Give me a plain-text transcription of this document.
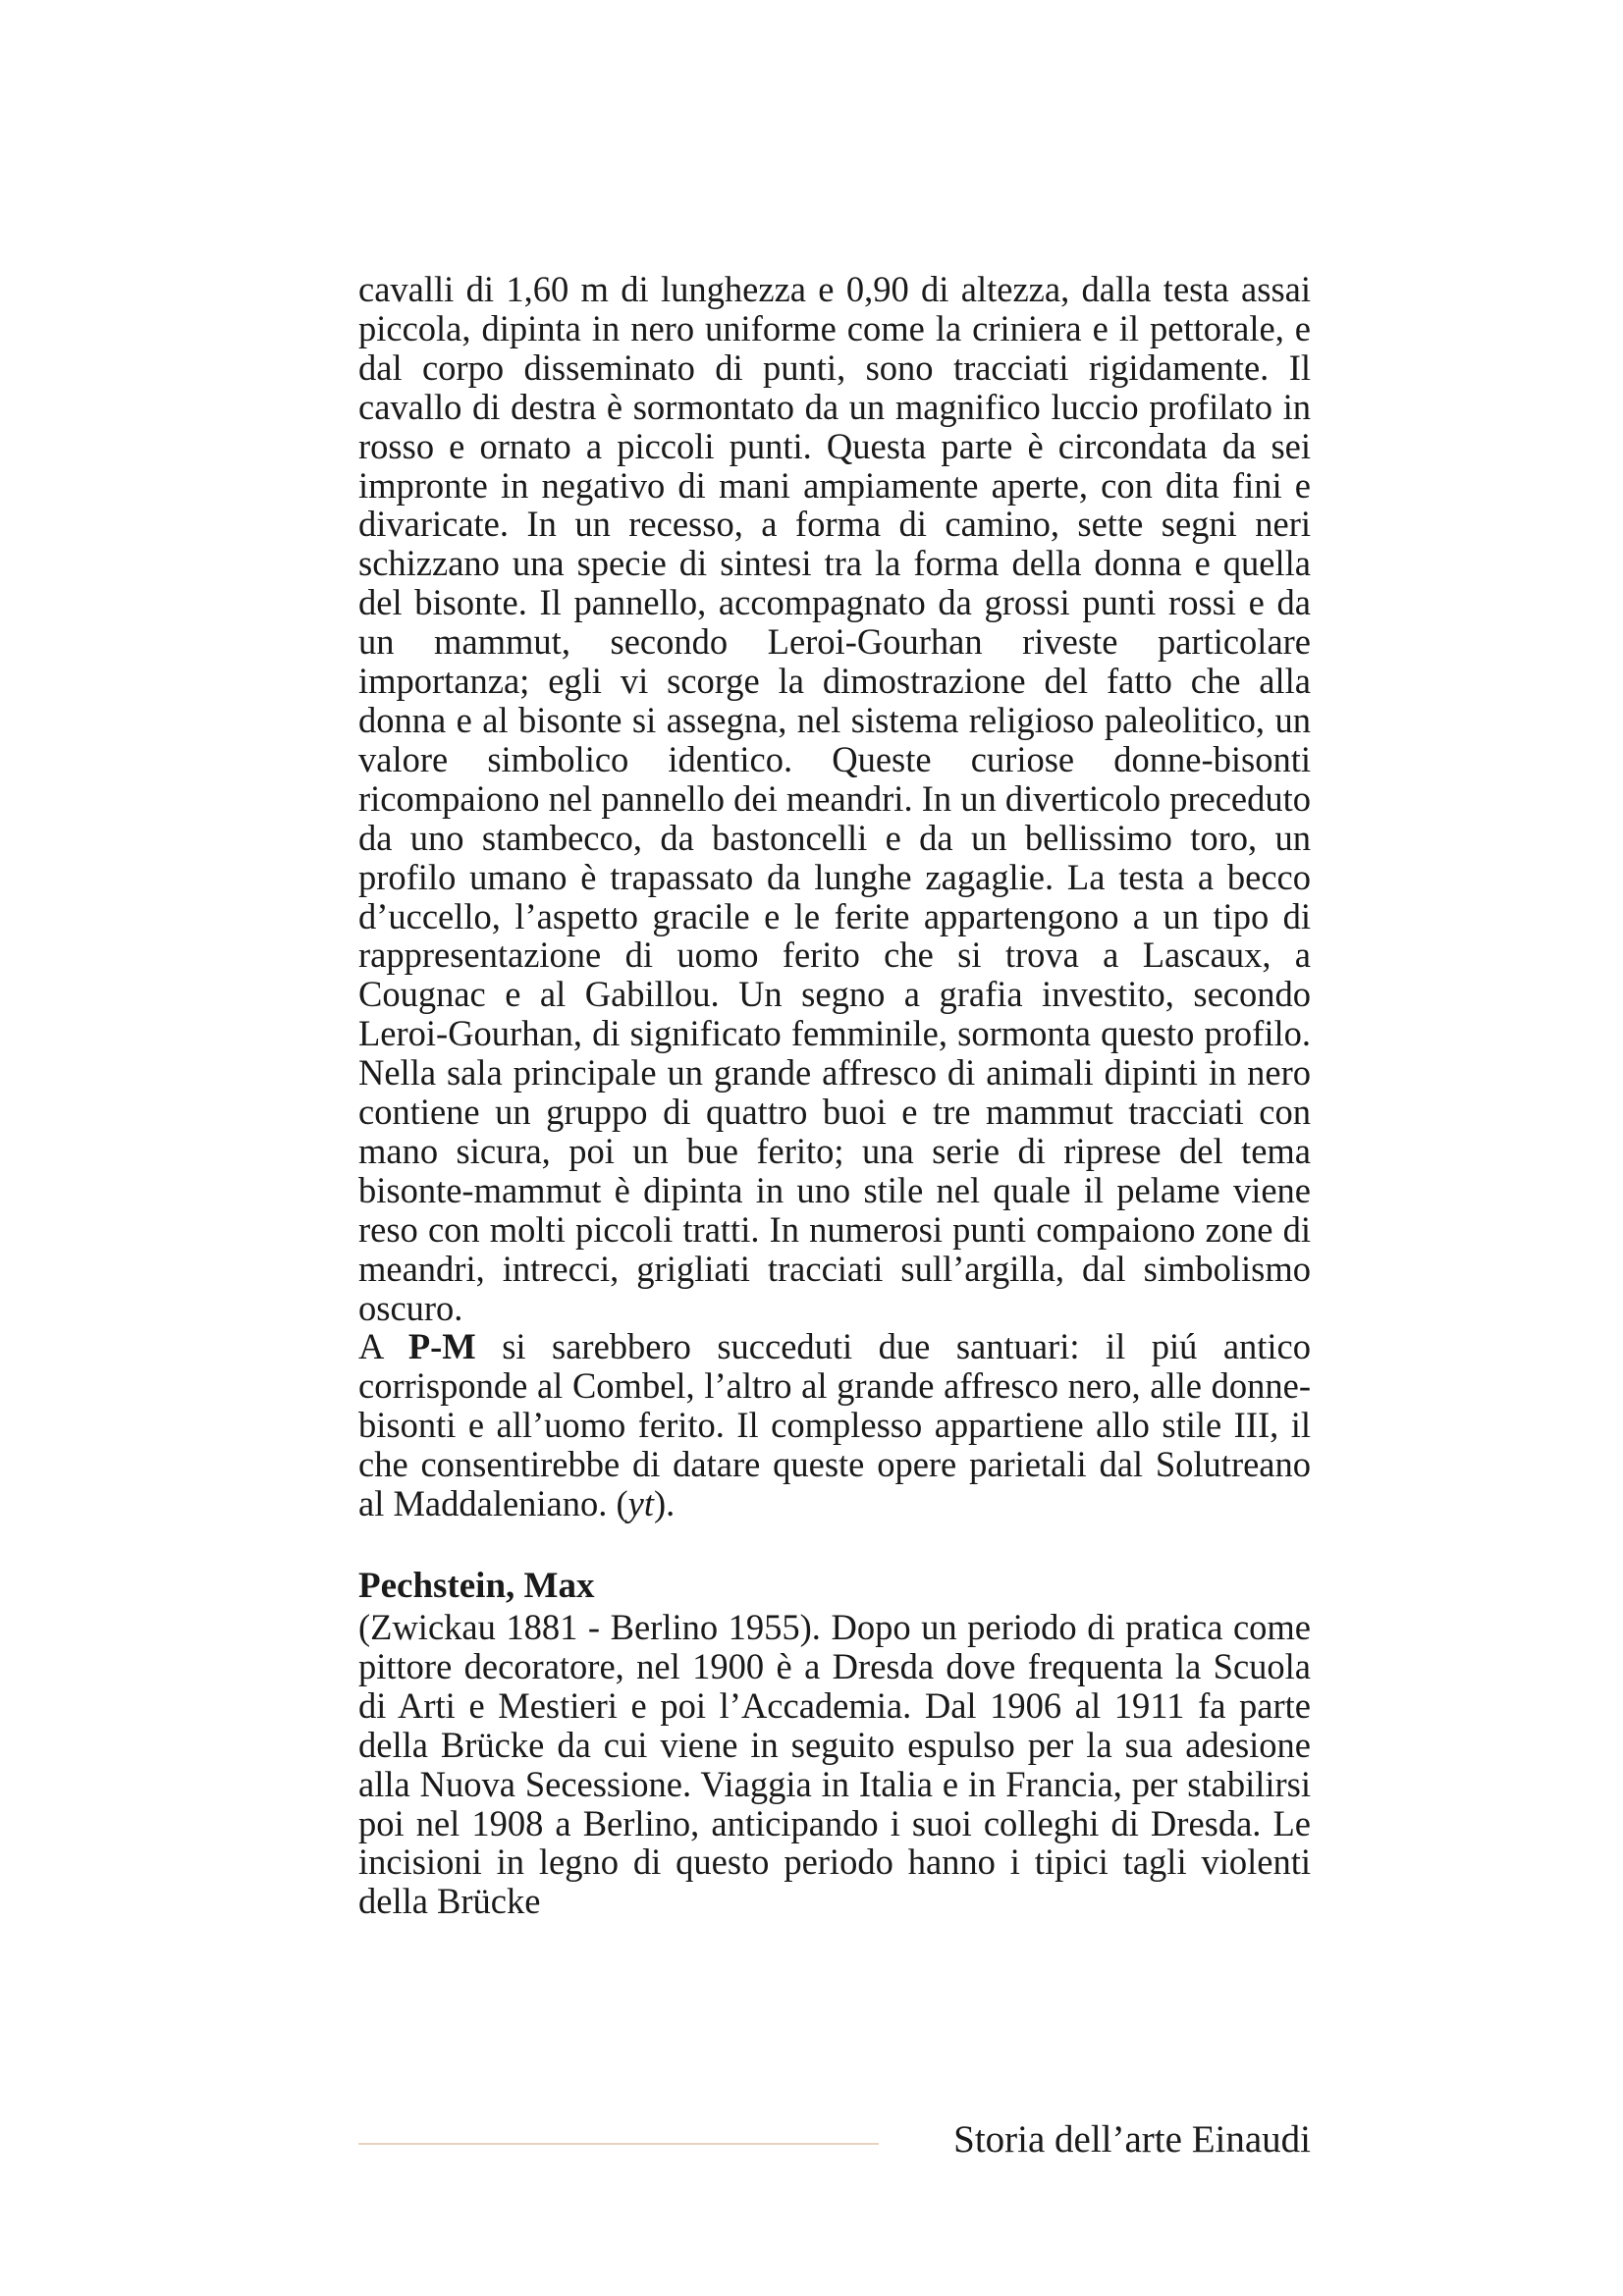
cavalli di 1,60 m di lunghezza e 0,90 di altezza, dalla testa assai piccola, dipinta in nero uniforme come la criniera e il pettorale, e dal corpo disseminato di punti, sono tracciati rigidamente. Il cavallo di destra è sormontato da un magnifico luccio profilato in rosso e ornato a piccoli punti. Questa parte è circondata da sei impronte in negativo di mani ampiamente aperte, con dita fini e divaricate. In un recesso, a forma di camino, sette segni neri schizzano una specie di sintesi tra la forma della donna e quella del bisonte. Il pannello, accompagnato da grossi punti rossi e da un mammut, secondo Leroi-Gourhan riveste particolare importanza; egli vi scorge la dimostrazione del fatto che alla donna e al bisonte si assegna, nel sistema religioso paleolitico, un valore simbolico identico. Queste curiose donne-bisonti ricompaiono nel pannello dei meandri. In un diverticolo preceduto da uno stambecco, da bastoncelli e da un bellissimo toro, un profilo umano è trapassato da lunghe zagaglie. La testa a becco d’uccello, l’aspetto gracile e le ferite appartengono a un tipo di rappresentazione di uomo ferito che si trova a Lascaux, a Cougnac e al Gabillou. Un segno a grafia investito, secondo Leroi-Gourhan, di significato femminile, sormonta questo profilo. Nella sala principale un grande affresco di animali dipinti in nero contiene un gruppo di quattro buoi e tre mammut tracciati con mano sicura, poi un bue ferito; una serie di riprese del tema bisonte-mammut è dipinta in uno stile nel quale il pelame viene reso con molti piccoli tratti. In numerosi punti compaiono zone di meandri, intrecci, grigliati tracciati sull’argilla, dal simbolismo oscuro.

A P-M si sarebbero succeduti due santuari: il piú antico corrisponde al Combel, l’altro al grande affresco nero, alle donne-bisonti e all’uomo ferito. Il complesso appartiene allo stile III, il che consentirebbe di datare queste opere parietali dal Solutreano al Maddaleniano. (yt).

Pechstein, Max

(Zwickau 1881 - Berlino 1955). Dopo un periodo di pratica come pittore decoratore, nel 1900 è a Dresda dove frequenta la Scuola di Arti e Mestieri e poi l’Accademia. Dal 1906 al 1911 fa parte della Brücke da cui viene in seguito espulso per la sua adesione alla Nuova Secessione. Viaggia in Italia e in Francia, per stabilirsi poi nel 1908 a Berlino, anticipando i suoi colleghi di Dresda. Le incisioni in legno di questo periodo hanno i tipici tagli violenti della Brücke

Storia dell’arte Einaudi
